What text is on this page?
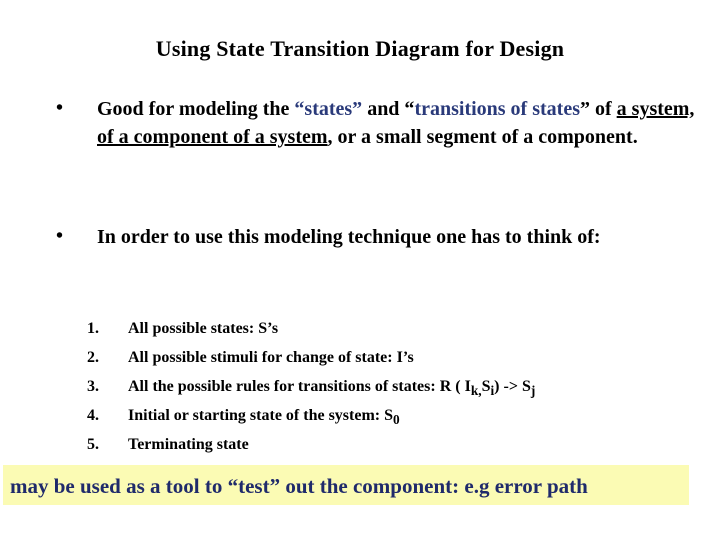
Using State Transition Diagram for Design
• Good for modeling the “states” and “transitions of states” of a system, of a component of a system, or a small segment of a component.
• In order to use this modeling technique one has to think of:
1.	All possible states: S’s
2.	All possible stimuli for change of state: I’s
3.	All the possible rules for transitions of states: R ( $I_{k,}S_i) -> S_j$
4.	Initial or starting state of the system: $S_0$
5.	Terminating state
may be used as a tool to “test” out the component: e.g error path
